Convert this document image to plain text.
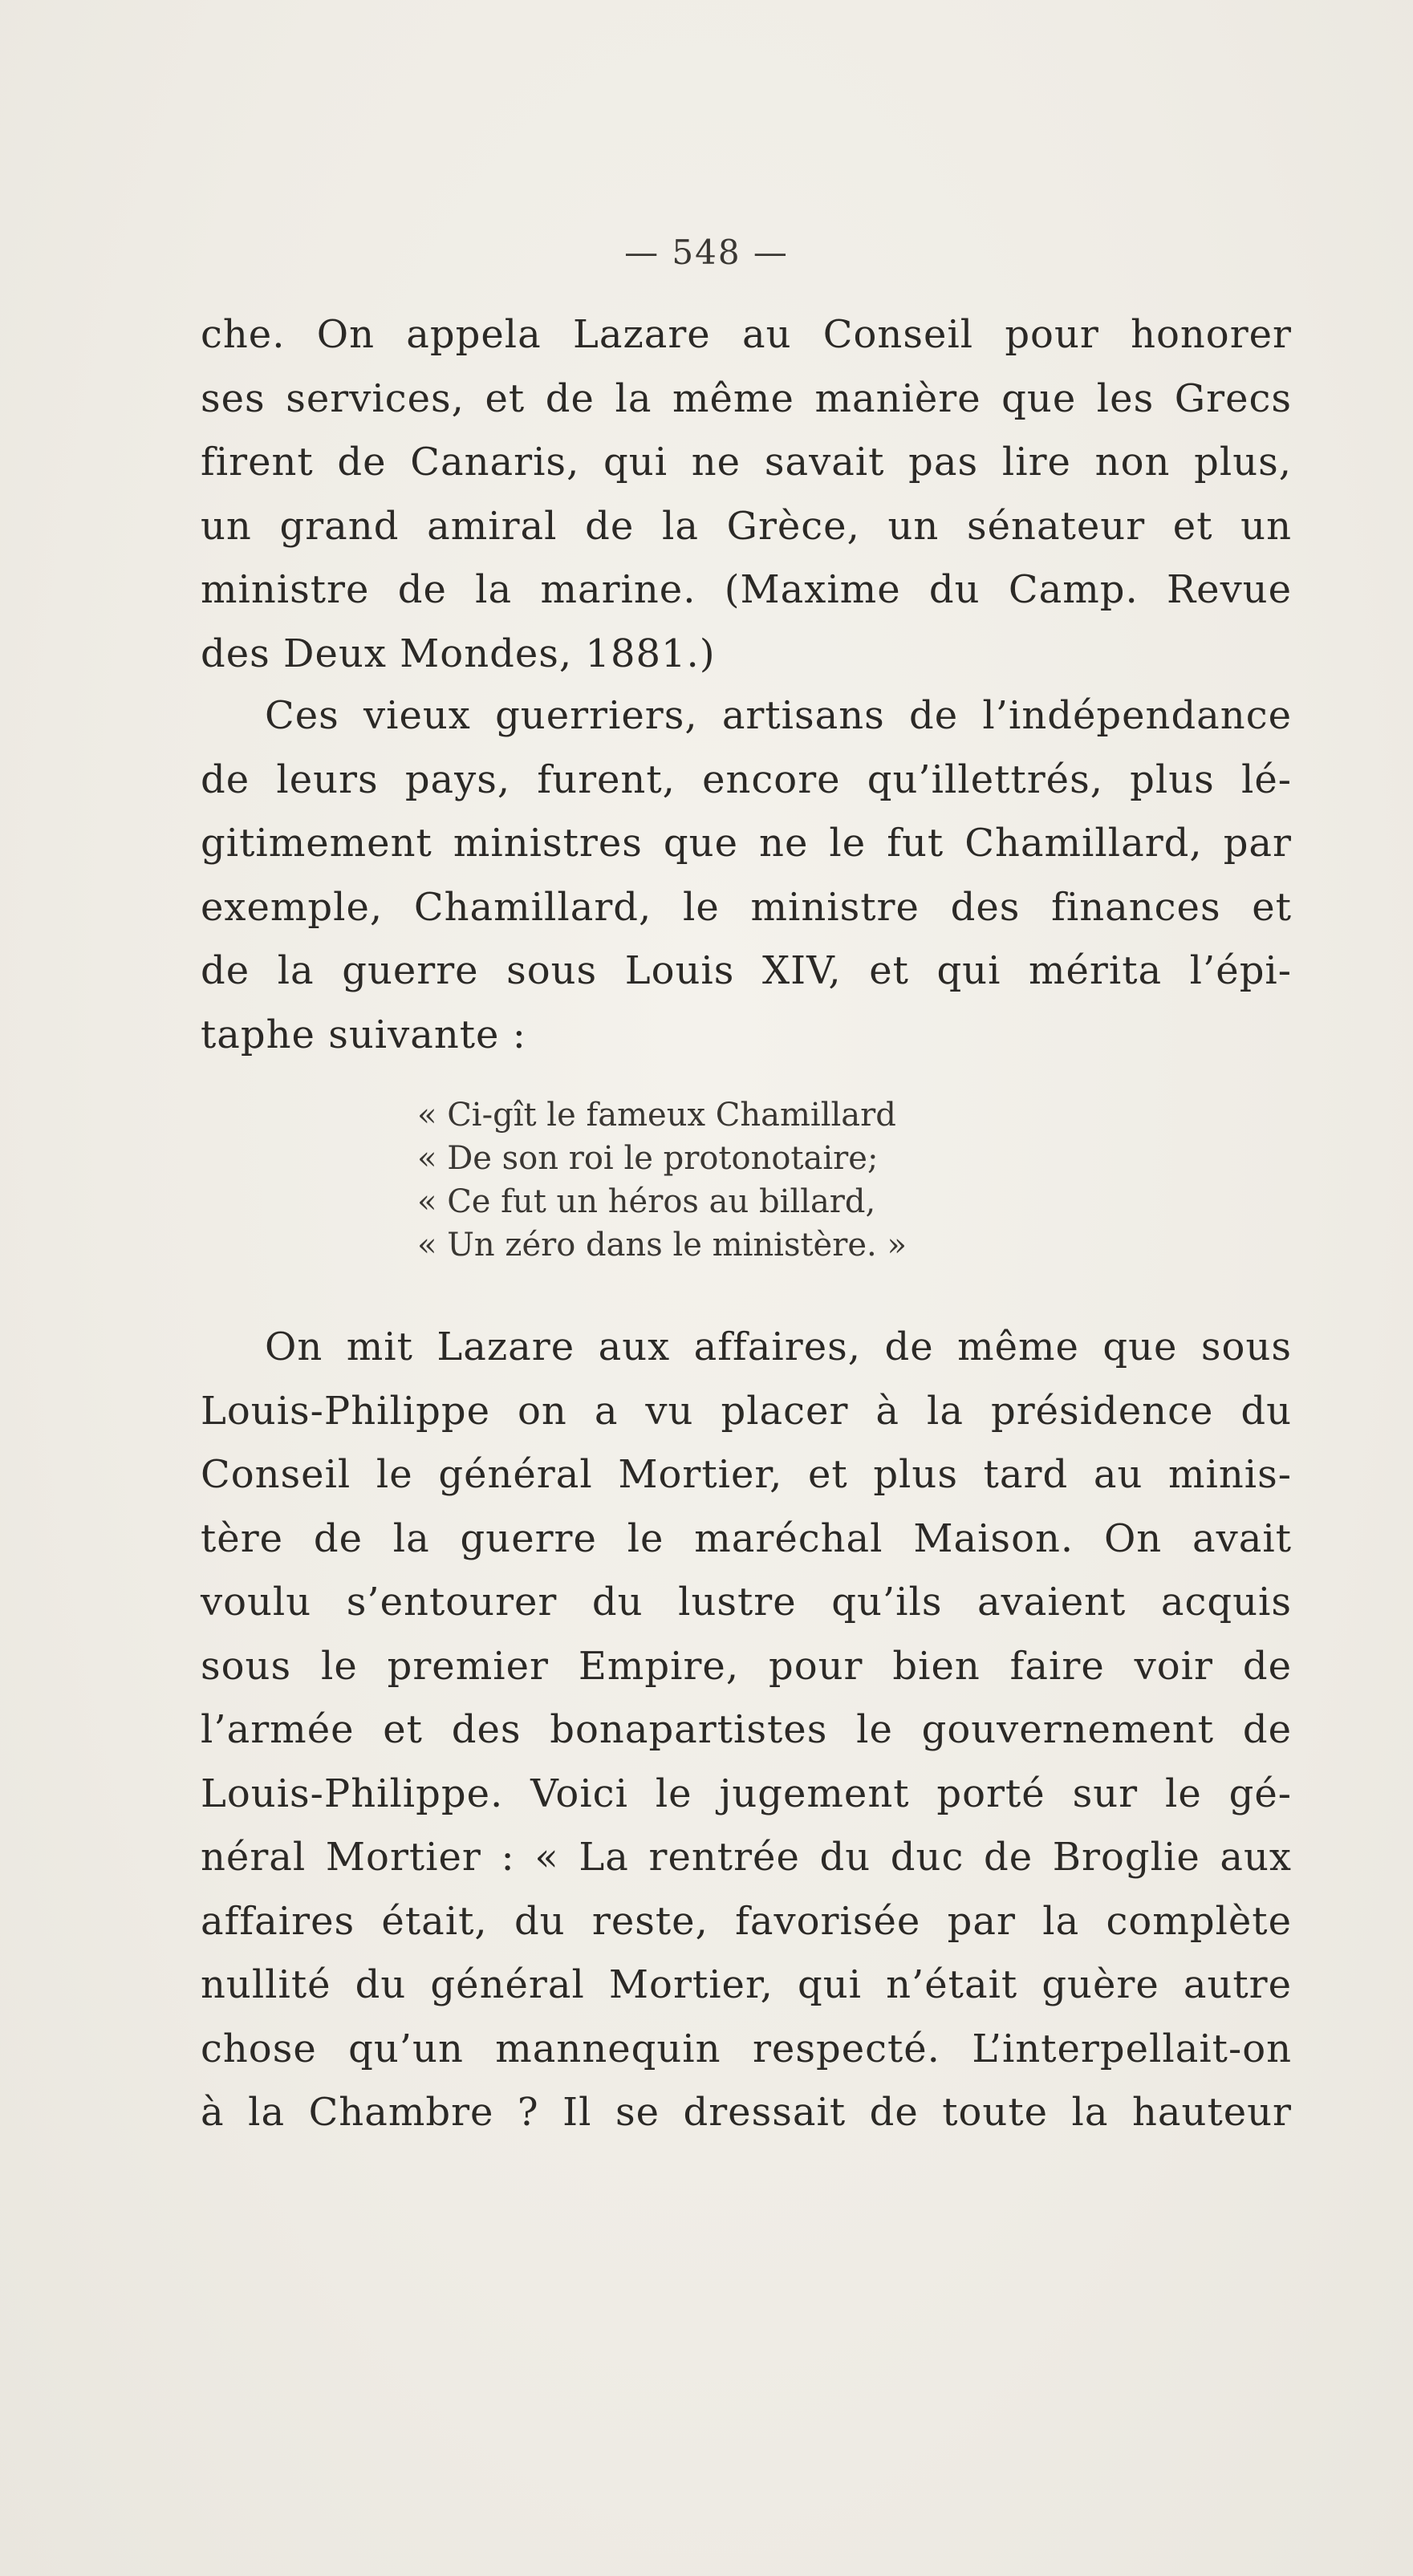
— 548 —
che. On appela Lazare au Conseil pour honorer
ses services, et de la même manière que les Grecs
firent de Canaris, qui ne savait pas lire non plus,
un grand amiral de la Grèce, un sénateur et un
ministre de la marine. (Maxime du Camp. Revue
des Deux Mondes, 1881.)
Ces vieux guerriers, artisans de l’indépendance
de leurs pays, furent, encore qu’illettrés, plus lé-
gitimement ministres que ne le fut Chamillard, par
exemple, Chamillard, le ministre des finances et
de la guerre sous Louis XIV, et qui mérita l’épi-
taphe suivante :
« Ci-gît le fameux Chamillard
« De son roi le protonotaire;
« Ce fut un héros au billard,
« Un zéro dans le ministère. »
On mit Lazare aux affaires, de même que sous
Louis-Philippe on a vu placer à la présidence du
Conseil le général Mortier, et plus tard au minis-
tère de la guerre le maréchal Maison. On avait
voulu s’entourer du lustre qu’ils avaient acquis
sous le premier Empire, pour bien faire voir de
l’armée et des bonapartistes le gouvernement de
Louis-Philippe. Voici le jugement porté sur le gé-
néral Mortier : « La rentrée du duc de Broglie aux
affaires était, du reste, favorisée par la complète
nullité du général Mortier, qui n’était guère autre
chose qu’un mannequin respecté. L’interpellait-on
à la Chambre ? Il se dressait de toute la hauteur
